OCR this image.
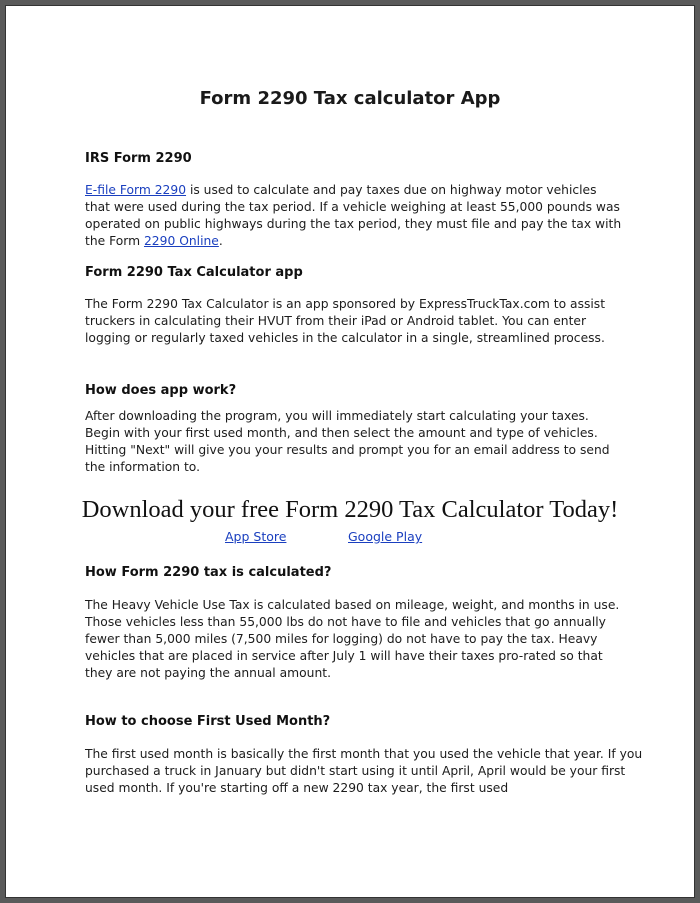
Form 2290 Tax calculator App
IRS Form 2290

E-file Form 2290 is used to calculate and pay taxes due on highway motor vehicles that were used during the tax period. If a vehicle weighing at least 55,000 pounds was operated on public highways during the tax period, they must file and pay the tax with the Form 2290 Online.

Form 2290 Tax Calculator app

The Form 2290 Tax Calculator is an app sponsored by ExpressTruckTax.com to assist truckers in calculating their HVUT from their iPad or Android tablet. You can enter logging or regularly taxed vehicles in the calculator in a single, streamlined process.

How does app work?

After downloading the program, you will immediately start calculating your taxes. Begin with your first used month, and then select the amount and type of vehicles. Hitting "Next" will give you your results and prompt you for an email address to send the information to.

Download your free Form 2290 Tax Calculator Today!
App Store	Google Play
How Form 2290 tax is calculated?

The Heavy Vehicle Use Tax is calculated based on mileage, weight, and months in use. Those vehicles less than 55,000 lbs do not have to file and vehicles that go annually fewer than 5,000 miles (7,500 miles for logging) do not have to pay the tax. Heavy vehicles that are placed in service after July 1 will have their taxes pro-rated so that they are not paying the annual amount.

How to choose First Used Month?

The first used month is basically the first month that you used the vehicle that year. If you purchased a truck in January but didn't start using it until April, April would be your first used month. If you're starting off a new 2290 tax year, the first used
